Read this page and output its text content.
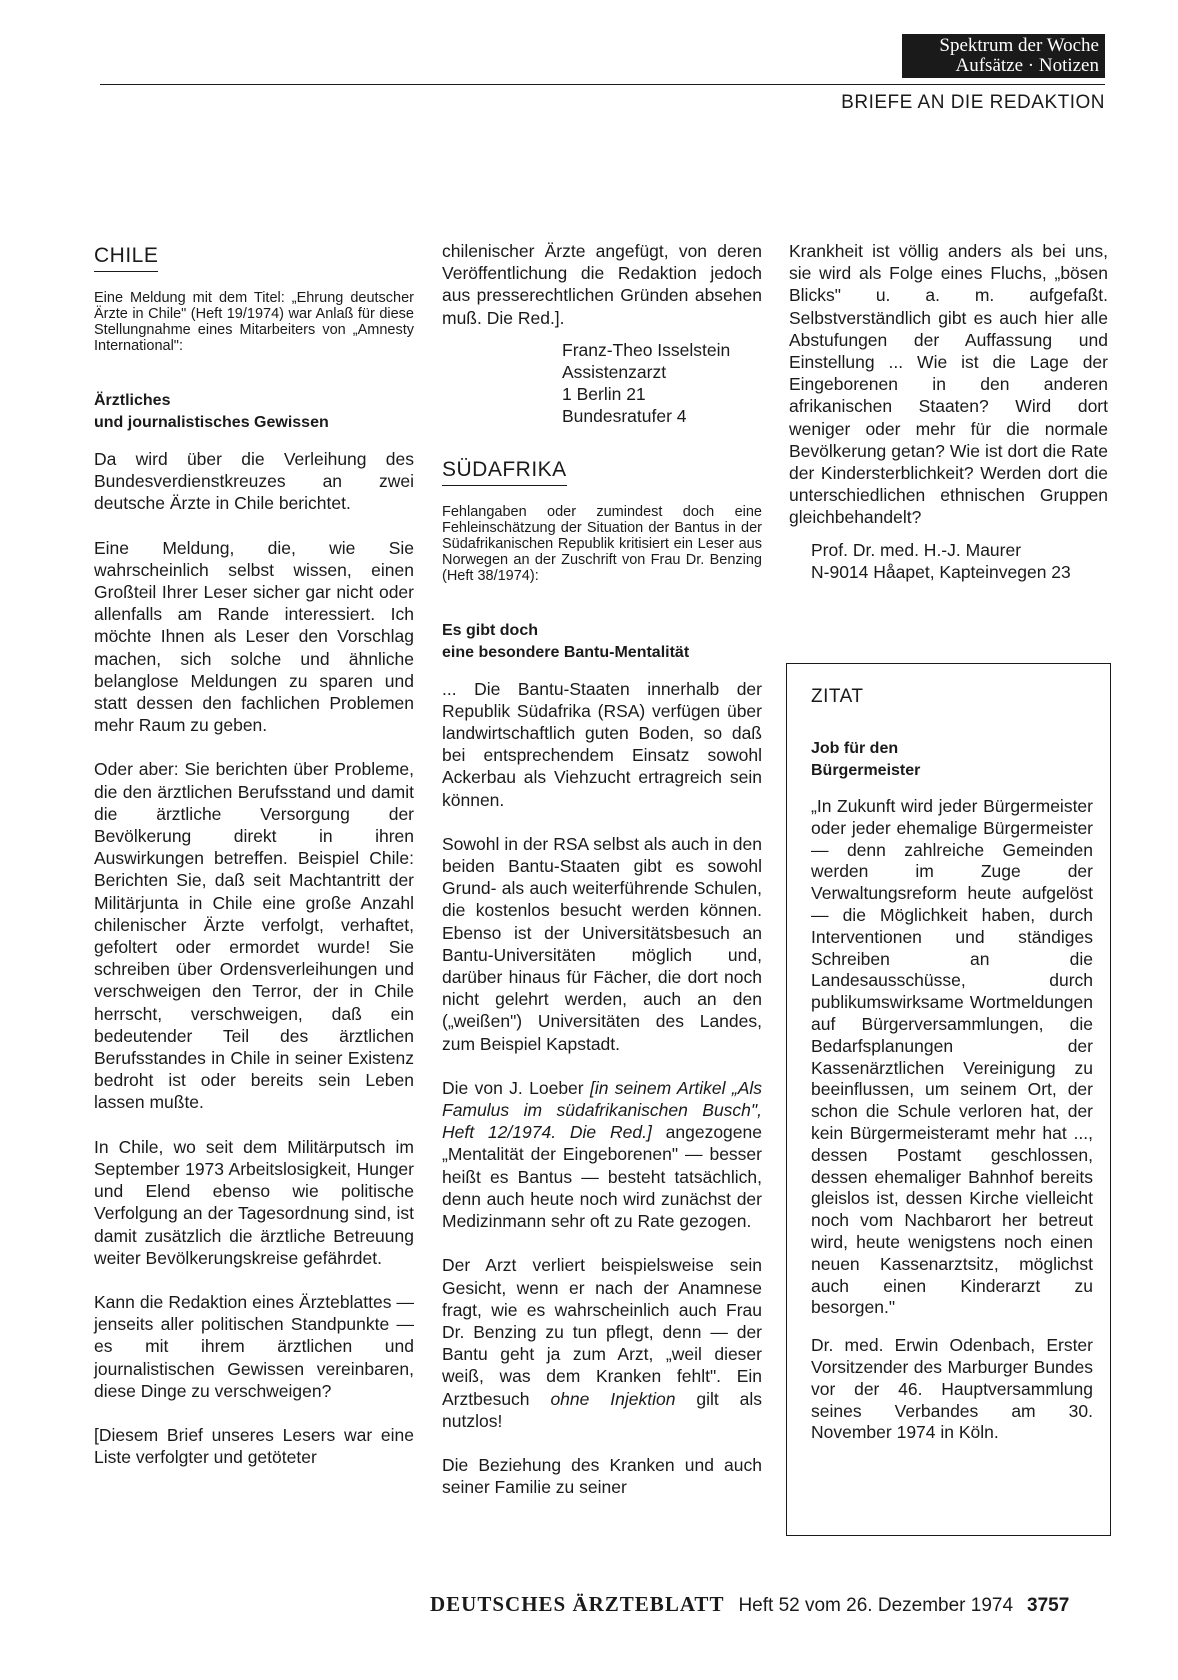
Spektrum der Woche
Aufsätze · Notizen
BRIEFE AN DIE REDAKTION
CHILE

Eine Meldung mit dem Titel: „Ehrung deutscher Ärzte in Chile" (Heft 19/1974) war Anlaß für diese Stellungnahme eines Mitarbeiters von „Amnesty International":

Ärztliches
und journalistisches Gewissen

Da wird über die Verleihung des Bundesverdienstkreuzes an zwei deutsche Ärzte in Chile berichtet.

Eine Meldung, die, wie Sie wahrscheinlich selbst wissen, einen Großteil Ihrer Leser sicher gar nicht oder allenfalls am Rande interessiert. Ich möchte Ihnen als Leser den Vorschlag machen, sich solche und ähnliche belanglose Meldungen zu sparen und statt dessen den fachlichen Problemen mehr Raum zu geben.

Oder aber: Sie berichten über Probleme, die den ärztlichen Berufsstand und damit die ärztliche Versorgung der Bevölkerung direkt in ihren Auswirkungen betreffen. Beispiel Chile: Berichten Sie, daß seit Machtantritt der Militärjunta in Chile eine große Anzahl chilenischer Ärzte verfolgt, verhaftet, gefoltert oder ermordet wurde! Sie schreiben über Ordensverleihungen und verschweigen den Terror, der in Chile herrscht, verschweigen, daß ein bedeutender Teil des ärztlichen Berufsstandes in Chile in seiner Existenz bedroht ist oder bereits sein Leben lassen mußte.

In Chile, wo seit dem Militärputsch im September 1973 Arbeitslosigkeit, Hunger und Elend ebenso wie politische Verfolgung an der Tagesordnung sind, ist damit zusätzlich die ärztliche Betreuung weiter Bevölkerungskreise gefährdet.

Kann die Redaktion eines Ärzteblattes — jenseits aller politischen Standpunkte — es mit ihrem ärztlichen und journalistischen Gewissen vereinbaren, diese Dinge zu verschweigen?

[Diesem Brief unseres Lesers war eine Liste verfolgter und getöteter

chilenischer Ärzte angefügt, von deren Veröffentlichung die Redaktion jedoch aus presserechtlichen Gründen absehen muß. Die Red.].

Franz-Theo Isselstein
Assistenzarzt
1 Berlin 21
Bundesratufer 4
SÜDAFRIKA

Fehlangaben oder zumindest doch eine Fehleinschätzung der Situation der Bantus in der Südafrikanischen Republik kritisiert ein Leser aus Norwegen an der Zuschrift von Frau Dr. Benzing (Heft 38/1974):

Es gibt doch
eine besondere Bantu-Mentalität

... Die Bantu-Staaten innerhalb der Republik Südafrika (RSA) verfügen über landwirtschaftlich guten Boden, so daß bei entsprechendem Einsatz sowohl Ackerbau als Viehzucht ertragreich sein können.

Sowohl in der RSA selbst als auch in den beiden Bantu-Staaten gibt es sowohl Grund- als auch weiterführende Schulen, die kostenlos besucht werden können. Ebenso ist der Universitätsbesuch an Bantu-Universitäten möglich und, darüber hinaus für Fächer, die dort noch nicht gelehrt werden, auch an den („weißen") Universitäten des Landes, zum Beispiel Kapstadt.

Die von J. Loeber [in seinem Artikel „Als Famulus im südafrikanischen Busch", Heft 12/1974. Die Red.] angezogene „Mentalität der Eingeborenen" — besser heißt es Bantus — besteht tatsächlich, denn auch heute noch wird zunächst der Medizinmann sehr oft zu Rate gezogen.

Der Arzt verliert beispielsweise sein Gesicht, wenn er nach der Anamnese fragt, wie es wahrscheinlich auch Frau Dr. Benzing zu tun pflegt, denn — der Bantu geht ja zum Arzt, „weil dieser weiß, was dem Kranken fehlt". Ein Arztbesuch ohne Injektion gilt als nutzlos!

Die Beziehung des Kranken und auch seiner Familie zu seiner

Krankheit ist völlig anders als bei uns, sie wird als Folge eines Fluchs, „bösen Blicks" u. a. m. aufgefaßt. Selbstverständlich gibt es auch hier alle Abstufungen der Auffassung und Einstellung ... Wie ist die Lage der Eingeborenen in den anderen afrikanischen Staaten? Wird dort weniger oder mehr für die normale Bevölkerung getan? Wie ist dort die Rate der Kindersterblichkeit? Werden dort die unterschiedlichen ethnischen Gruppen gleichbehandelt?

Prof. Dr. med. H.-J. Maurer
N-9014 Håapet, Kapteinvegen 23
ZITAT
Job für den
Bürgermeister

„In Zukunft wird jeder Bürgermeister oder jeder ehemalige Bürgermeister — denn zahlreiche Gemeinden werden im Zuge der Verwaltungsreform heute aufgelöst — die Möglichkeit haben, durch Interventionen und ständiges Schreiben an die Landesausschüsse, durch publikumswirksame Wortmeldungen auf Bürgerversammlungen, die Bedarfsplanungen der Kassenärztlichen Vereinigung zu beeinflussen, um seinem Ort, der schon die Schule verloren hat, der kein Bürgermeisteramt mehr hat ..., dessen Postamt geschlossen, dessen ehemaliger Bahnhof bereits gleislos ist, dessen Kirche vielleicht noch vom Nachbarort her betreut wird, heute wenigstens noch einen neuen Kassenarztsitz, möglichst auch einen Kinderarzt zu besorgen."

Dr. med. Erwin Odenbach, Erster Vorsitzender des Marburger Bundes vor der 46. Hauptversammlung seines Verbandes am 30. November 1974 in Köln.

DEUTSCHES ÄRZTEBLATT Heft 52 vom 26. Dezember 1974 3757
